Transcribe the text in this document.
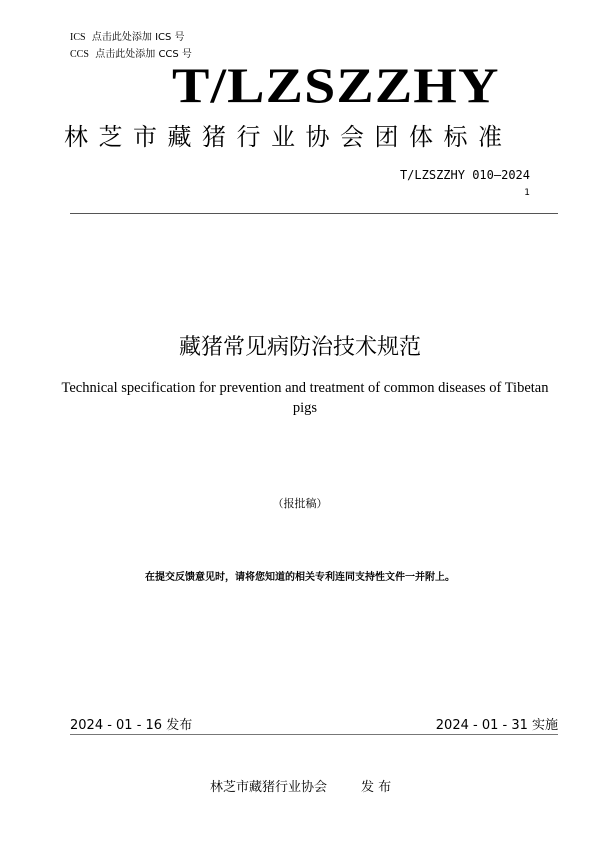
ICS 点击此处添加 ICS 号
CCS 点击此处添加 CCS 号
T/LZSZZHY
林芝市藏猪行业协会团体标准
T/LZSZZHY 010—2024
1
藏猪常见病防治技术规范
Technical specification for prevention and treatment of common diseases of Tibetan pigs
（报批稿）
在提交反馈意见时，请将您知道的相关专利连同支持性文件一并附上。
2024 - 01 - 16 发布	2024 - 01 - 31 实施
林芝市藏猪行业协会	发 布
